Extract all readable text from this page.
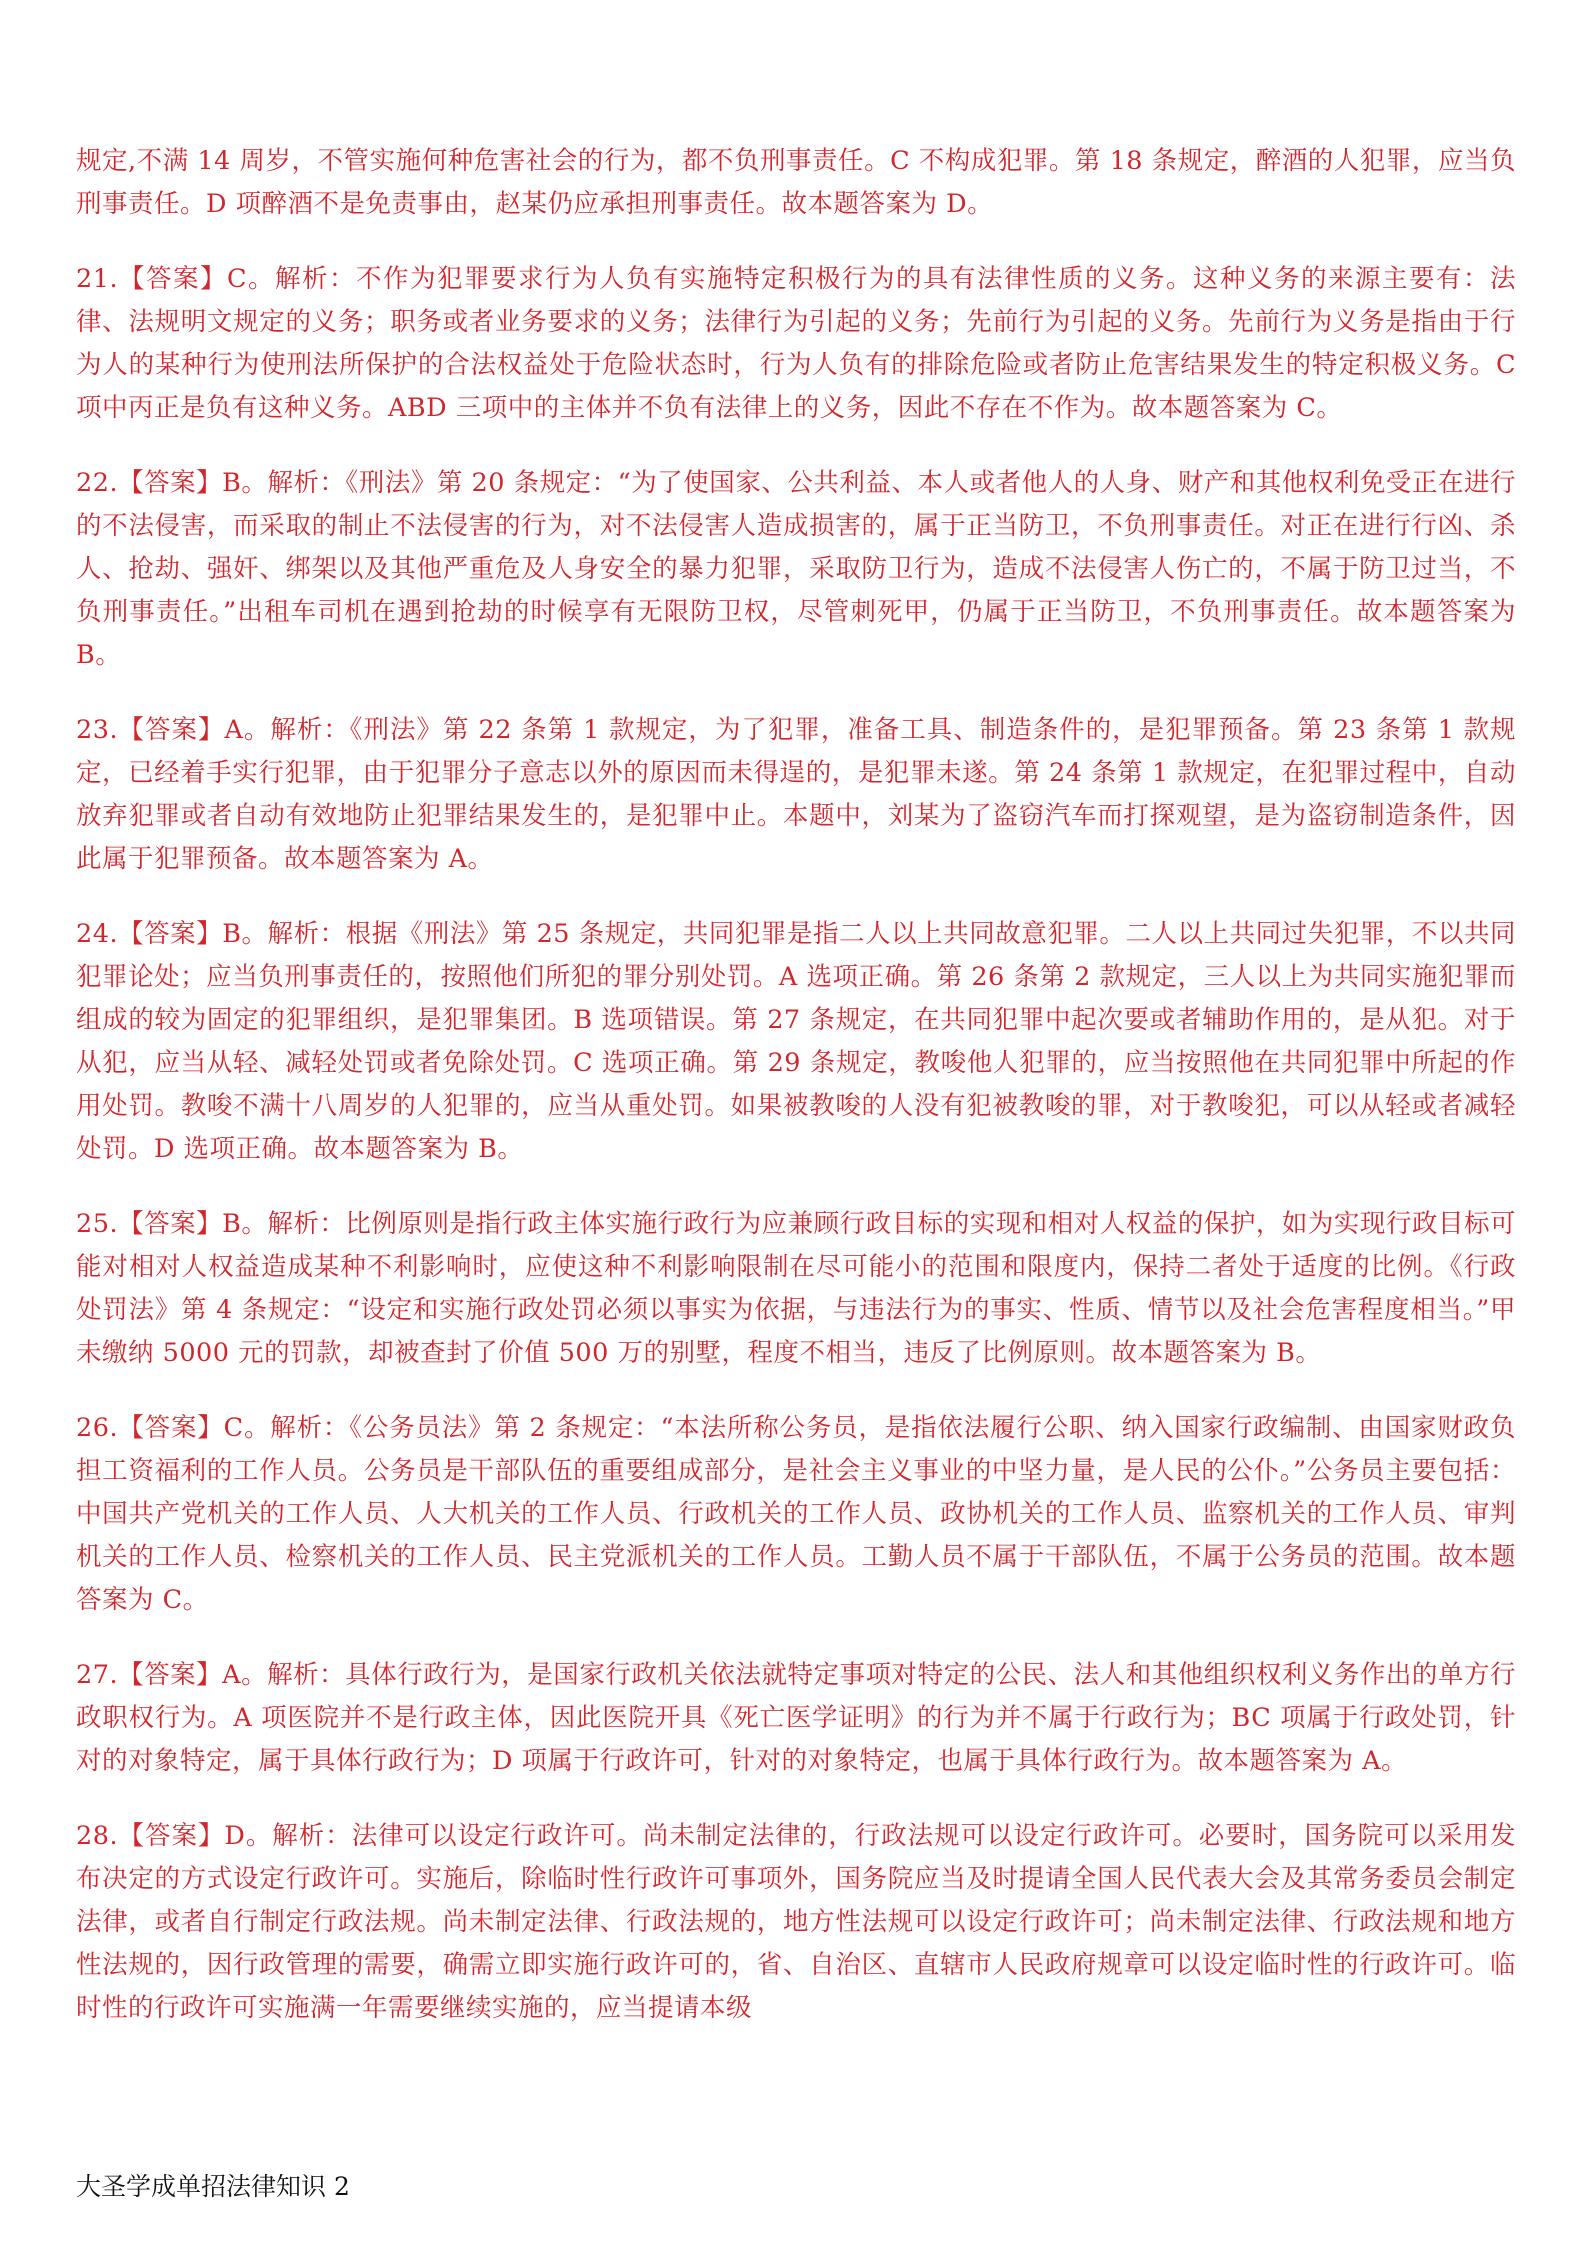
规定,不满 14 周岁，不管实施何种危害社会的行为，都不负刑事责任。C 不构成犯罪。第 18 条规定，醉酒的人犯罪，应当负刑事责任。D 项醉酒不是免责事由，赵某仍应承担刑事责任。故本题答案为 D。

21.【答案】C。解析：不作为犯罪要求行为人负有实施特定积极行为的具有法律性质的义务。这种义务的来源主要有：法律、法规明文规定的义务；职务或者业务要求的义务；法律行为引起的义务；先前行为引起的义务。先前行为义务是指由于行为人的某种行为使刑法所保护的合法权益处于危险状态时，行为人负有的排除危险或者防止危害结果发生的特定积极义务。C 项中丙正是负有这种义务。ABD 三项中的主体并不负有法律上的义务，因此不存在不作为。故本题答案为 C。

22.【答案】B。解析：《刑法》第 20 条规定：“为了使国家、公共利益、本人或者他人的人身、财产和其他权利免受正在进行的不法侵害，而采取的制止不法侵害的行为，对不法侵害人造成损害的，属于正当防卫，不负刑事责任。对正在进行行凶、杀人、抢劫、强奸、绑架以及其他严重危及人身安全的暴力犯罪，采取防卫行为，造成不法侵害人伤亡的，不属于防卫过当，不负刑事责任。”出租车司机在遇到抢劫的时候享有无限防卫权，尽管刺死甲，仍属于正当防卫，不负刑事责任。故本题答案为 B。

23.【答案】A。解析：《刑法》第 22 条第 1 款规定，为了犯罪，准备工具、制造条件的，是犯罪预备。第 23 条第 1 款规定，已经着手实行犯罪，由于犯罪分子意志以外的原因而未得逞的，是犯罪未遂。第 24 条第 1 款规定，在犯罪过程中，自动放弃犯罪或者自动有效地防止犯罪结果发生的，是犯罪中止。本题中，刘某为了盗窃汽车而打探观望，是为盗窃制造条件，因此属于犯罪预备。故本题答案为 A。

24.【答案】B。解析：根据《刑法》第 25 条规定，共同犯罪是指二人以上共同故意犯罪。二人以上共同过失犯罪，不以共同犯罪论处；应当负刑事责任的，按照他们所犯的罪分别处罚。A 选项正确。第 26 条第 2 款规定，三人以上为共同实施犯罪而组成的较为固定的犯罪组织，是犯罪集团。B 选项错误。第 27 条规定，在共同犯罪中起次要或者辅助作用的，是从犯。对于从犯，应当从轻、减轻处罚或者免除处罚。C 选项正确。第 29 条规定，教唆他人犯罪的，应当按照他在共同犯罪中所起的作用处罚。教唆不满十八周岁的人犯罪的，应当从重处罚。如果被教唆的人没有犯被教唆的罪，对于教唆犯，可以从轻或者减轻处罚。D 选项正确。故本题答案为 B。

25.【答案】B。解析：比例原则是指行政主体实施行政行为应兼顾行政目标的实现和相对人权益的保护，如为实现行政目标可能对相对人权益造成某种不利影响时，应使这种不利影响限制在尽可能小的范围和限度内，保持二者处于适度的比例。《行政处罚法》第 4 条规定：“设定和实施行政处罚必须以事实为依据，与违法行为的事实、性质、情节以及社会危害程度相当。”甲未缴纳 5000 元的罚款，却被查封了价值 500 万的别墅，程度不相当，违反了比例原则。故本题答案为 B。

26.【答案】C。解析：《公务员法》第 2 条规定：“本法所称公务员，是指依法履行公职、纳入国家行政编制、由国家财政负担工资福利的工作人员。公务员是干部队伍的重要组成部分，是社会主义事业的中坚力量，是人民的公仆。”公务员主要包括：中国共产党机关的工作人员、人大机关的工作人员、行政机关的工作人员、政协机关的工作人员、监察机关的工作人员、审判机关的工作人员、检察机关的工作人员、民主党派机关的工作人员。工勤人员不属于干部队伍，不属于公务员的范围。故本题答案为 C。

27.【答案】A。解析：具体行政行为，是国家行政机关依法就特定事项对特定的公民、法人和其他组织权利义务作出的单方行政职权行为。A 项医院并不是行政主体，因此医院开具《死亡医学证明》的行为并不属于行政行为；BC 项属于行政处罚，针对的对象特定，属于具体行政行为；D 项属于行政许可，针对的对象特定，也属于具体行政行为。故本题答案为 A。

28.【答案】D。解析：法律可以设定行政许可。尚未制定法律的，行政法规可以设定行政许可。必要时，国务院可以采用发布决定的方式设定行政许可。实施后，除临时性行政许可事项外，国务院应当及时提请全国人民代表大会及其常务委员会制定法律，或者自行制定行政法规。尚未制定法律、行政法规的，地方性法规可以设定行政许可；尚未制定法律、行政法规和地方性法规的，因行政管理的需要，确需立即实施行政许可的，省、自治区、直辖市人民政府规章可以设定临时性的行政许可。临时性的行政许可实施满一年需要继续实施的，应当提请本级

大圣学成单招法律知识 2
